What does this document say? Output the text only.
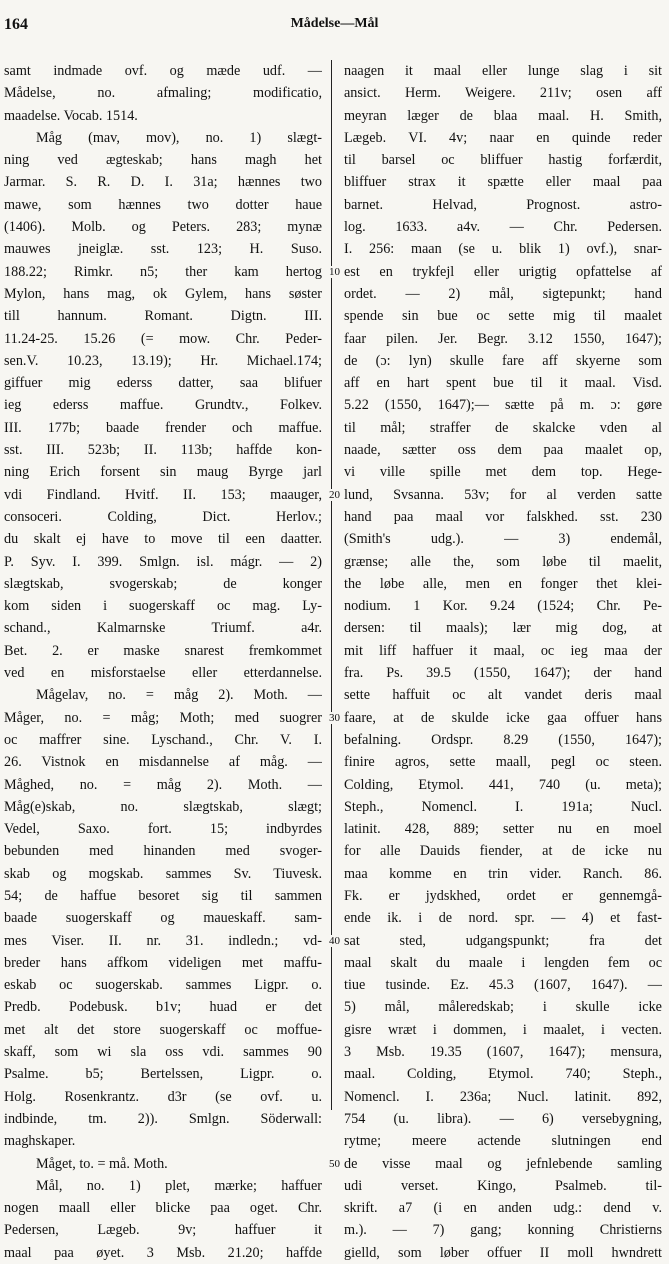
164	Mådelse—Mål
samt indmade ovf. og mæde udf. —
Mådelse, no. afmaling; modificatio,
maadelse. Vocab. 1514.
Måg (mav, mov), no. 1) slægt-
ning ved ægteskab; hans magh het
Jarmar. S. R. D. I. 31a; hænnes two
mawe, som hænnes two dotter haue
(1406). Molb. og Peters. 283; mynæ
mauwes jneiglæ. sst. 123; H. Suso.
188.22; Rimkr. n5; ther kam hertog
Mylon, hans mag, ok Gylem, hans søster
till hannum. Romant. Digtn. III.
11.24-25. 15.26 (= mow. Chr. Peder-
sen.V. 10.23, 13.19); Hr. Michael.174;
giffuer mig ederss datter, saa blifuer
ieg ederss maffue. Grundtv., Folkev.
III. 177b; baade frender och maffue.
sst. III. 523b; II. 113b; haffde kon-
ning Erich forsent sin maug Byrge jarl
vdi Findland. Hvitf. II. 153; maauger,
consoceri. Colding, Dict. Herlov.;
du skalt ej have to move til een daatter.
P. Syv. I. 399. Smlgn. isl. mágr. — 2)
slægtskab, svogerskab; de konger
kom siden i suogerskaff oc mag. Ly-
schand., Kalmarnske Triumf. a4r.
Bet. 2. er maske snarest fremkommet
ved en misforstaelse eller etterdannelse.
Mågelav, no. = måg 2). Moth. —
Måger, no. = måg; Moth; med suogrer
oc maffrer sine. Lyschand., Chr. V. I.
26. Vistnok en misdannelse af måg. —
Måghed, no. = måg 2). Moth. —
Måg(e)skab, no. slægtskab, slægt;
Vedel, Saxo. fort. 15; indbyrdes
bebunden med hinanden med svoger-
skab og mogskab. sammes Sv. Tiuvesk.
54; de haffue besoret sig til sammen
baade suogerskaff og maueskaff. sam-
mes Viser. II. nr. 31. indledn.; vd-
breder hans affkom videligen met maffu-
eskab oc suogerskab. sammes Ligpr. o.
Predb. Podebusk. b1v; huad er det
met alt det store suogerskaff oc moffue-
skaff, som wi sla oss vdi. sammes 90
Psalme. b5; Bertelssen, Ligpr. o.
Holg. Rosenkrantz. d3r (se ovf. u.
indbinde, tm. 2)). Smlgn. Söderwall:
maghskaper.
Måget, to. = må. Moth.
Mål, no. 1) plet, mærke; haffuer
nogen maall eller blicke paa oget. Chr.
Pedersen, Lægeb. 9v; haffuer it
maal paa øyet. 3 Msb. 21.20; haffde
naagen it maal eller lunge slag i sit
ansict. Herm. Weigere. 211v; osen aff
meyran læger de blaa maal. H. Smith,
Lægeb. VI. 4v; naar en quinde reder
til barsel oc bliffuer hastig forfærdit,
bliffuer strax it spætte eller maal paa
barnet. Helvad, Prognost. astro-
log. 1633. a4v. — Chr. Pedersen.
I. 256: maan (se u. blik 1) ovf.), snar-
est en trykfejl eller urigtig opfattelse af
ordet. — 2) mål, sigtepunkt; hand
spende sin bue oc sette mig til maalet
faar pilen. Jer. Begr. 3.12 1550, 1647);
de (ɔ: lyn) skulle fare aff skyerne som
aff en hart spent bue til it maal. Visd.
5.22 (1550, 1647);— sætte på m. ɔ: gøre
til mål; straffer de skalcke vden al
naade, sætter oss dem paa maalet op,
vi ville spille met dem top. Hege-
lund, Svsanna. 53v; for al verden satte
hand paa maal vor falskhed. sst. 230
(Smith's udg.). — 3) endemål,
grænse; alle the, som løbe til maelit,
the løbe alle, men en fonger thet klei-
nodium. 1 Kor. 9.24 (1524; Chr. Pe-
dersen: til maals); lær mig dog, at
mit liff haffuer it maal, oc ieg maa der
fra. Ps. 39.5 (1550, 1647); der hand
sette haffuit oc alt vandet deris maal
faare, at de skulde icke gaa offuer hans
befalning. Ordspr. 8.29 (1550, 1647);
finire agros, sette maall, pegl oc steen.
Colding, Etymol. 441, 740 (u. meta);
Steph., Nomencl. I. 191a; Nucl.
latinit. 428, 889; setter nu en moel
for alle Dauids fiender, at de icke nu
maa komme en trin vider. Ranch. 86.
Fk. er jydskhed, ordet er gennemgå-
ende ik. i de nord. spr. — 4) et fast-
sat sted, udgangspunkt; fra det
maal skalt du maale i lengden fem oc
tiue tusinde. Ez. 45.3 (1607, 1647). —
5) mål, måleredskab; i skulle icke
gisre wræt i dommen, i maalet, i vecten.
3 Msb. 19.35 (1607, 1647); mensura,
maal. Colding, Etymol. 740; Steph.,
Nomencl. I. 236a; Nucl. latinit. 892,
754 (u. libra). — 6) versebygning,
rytme; meere actende slutningen end
de visse maal og jefnlebende samling
udi verset. Kingo, Psalmeb. til-
skrift. a7 (i en anden udg.: dend v.
m.). — 7) gang; konning Christierns
gielld, som løber offuer II moll hwndrett
10
20
30
40
50
